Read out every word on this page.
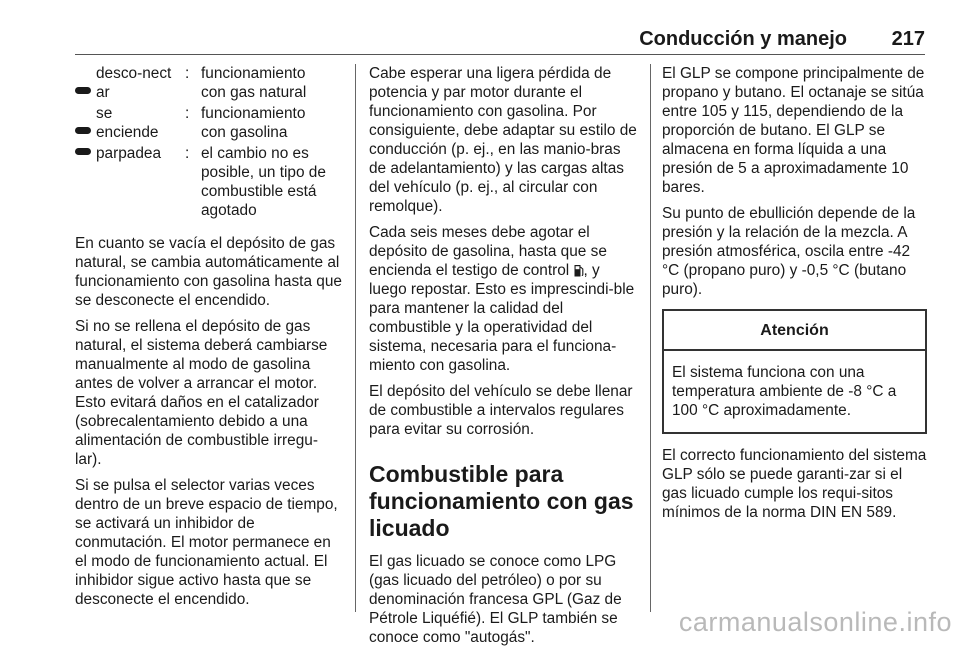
Conducción y manejo 217
desco-nectar
: funcionamiento con gas natural
se enciende
: funcionamiento con gasolina
parpadea	: el cambio no es posible, un tipo de combustible está agotado

En cuanto se vacía el depósito de gas natural, se cambia automáticamente al funcionamiento con gasolina hasta que se desconecte el encendido.

Si no se rellena el depósito de gas natural, el sistema deberá cambiarse manualmente al modo de gasolina antes de volver a arrancar el motor. Esto evitará daños en el catalizador (sobrecalentamiento debido a una alimentación de combustible irregu-lar).

Si se pulsa el selector varias veces dentro de un breve espacio de tiempo, se activará un inhibidor de conmutación. El motor permanece en el modo de funcionamiento actual. El inhibidor sigue activo hasta que se desconecte el encendido.

Cabe esperar una ligera pérdida de potencia y par motor durante el funcionamiento con gasolina. Por consiguiente, debe adaptar su estilo de conducción (p. ej., en las manio-bras de adelantamiento) y las cargas altas del vehículo (p. ej., al circular con remolque).

Cada seis meses debe agotar el depósito de gasolina, hasta que se encienda el testigo de control , y luego repostar. Esto es imprescindi-ble para mantener la calidad del combustible y la operatividad del sistema, necesaria para el funciona-miento con gasolina.

El depósito del vehículo se debe llenar de combustible a intervalos regulares para evitar su corrosión.

Combustible para funcionamiento con gas licuado

El gas licuado se conoce como LPG (gas licuado del petróleo) o por su denominación francesa GPL (Gaz de Pétrole Liquéfié). El GLP también se conoce como "autogás".

El GLP se compone principalmente de propano y butano. El octanaje se sitúa entre 105 y 115, dependiendo de la proporción de butano. El GLP se almacena en forma líquida a una presión de 5 a aproximadamente 10 bares.

Su punto de ebullición depende de la presión y la relación de la mezcla. A presión atmosférica, oscila entre -42 °C (propano puro) y -0,5 °C (butano puro).

Atención
El sistema funciona con una temperatura ambiente de -8 °C a 100 °C aproximadamente.

El correcto funcionamiento del sistema GLP sólo se puede garanti-zar si el gas licuado cumple los requi-sitos mínimos de la norma DIN EN 589.

carmanualsonline.info
